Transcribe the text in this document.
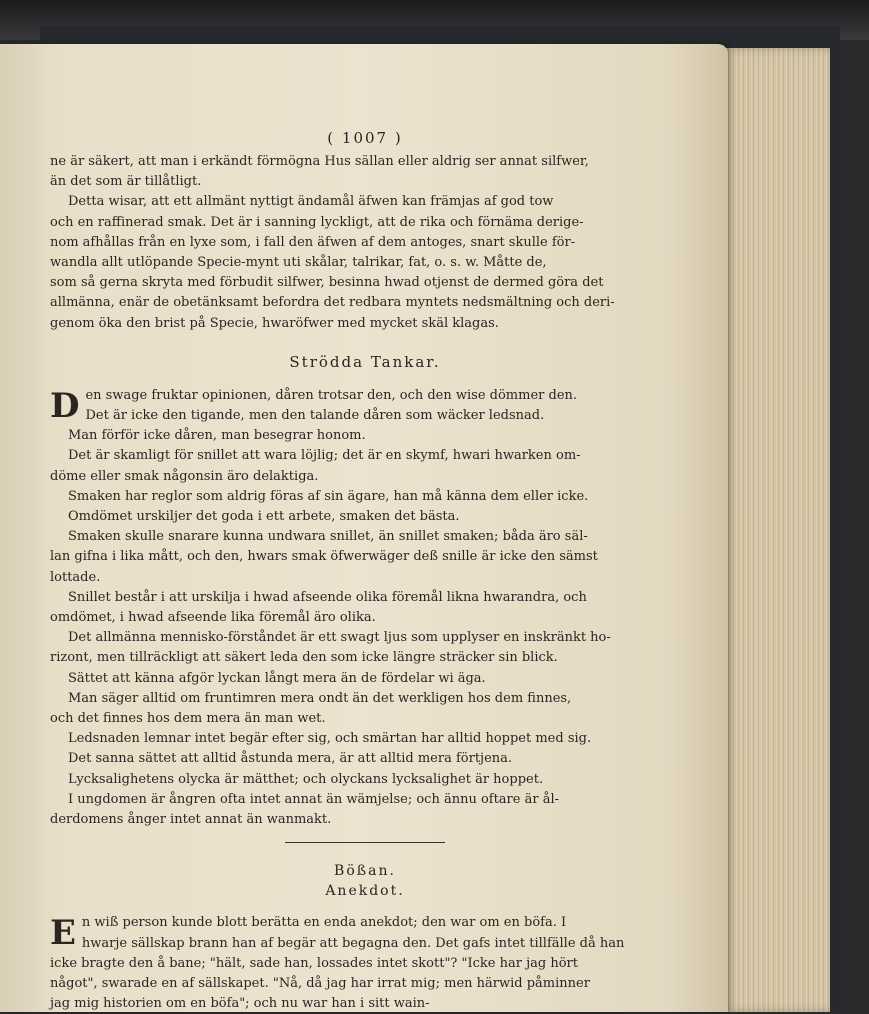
( 1007 )
ne är säkert, att man i erkändt förmögna Hus sällan eller aldrig ser annat silfwer,
än det som är tillåtligt.
Detta wisar, att ett allmänt nyttigt ändamål äfwen kan främjas af god tow
och en raffinerad smak. Det är i sanning lyckligt, att de rika och förnäma derige-
nom afhållas från en lyxe som, i fall den äfwen af dem antoges, snart skulle för-
wandla allt utlöpande Specie-mynt uti skålar, talrikar, fat, o. s. w. Måtte de,
som så gerna skryta med förbudit silfwer, besinna hwad otjenst de dermed göra det
allmänna, enär de obetänksamt befordra det redbara myntets nedsmältning och deri-
genom öka den brist på Specie, hwaröfwer med mycket skäl klagas.
Strödda Tankar.
Den swage fruktar opinionen, dåren trotsar den, och den wise dömmer den.
Det är icke den tigande, men den talande dåren som wäcker ledsnad.
Man förför icke dåren, man besegrar honom.
Det är skamligt för snillet att wara löjlig; det är en skymf, hwari hwarken om-
döme eller smak någonsin äro delaktiga.
Smaken har reglor som aldrig föras af sin ägare, han må känna dem eller icke.
Omdömet urskiljer det goda i ett arbete, smaken det bästa.
Smaken skulle snarare kunna undwara snillet, än snillet smaken; båda äro säl-
lan gifna i lika mått, och den, hwars smak öfwerwäger deß snille är icke den sämst
lottade.
Snillet består i att urskilja i hwad afseende olika föremål likna hwarandra, och
omdömet, i hwad afseende lika föremål äro olika.
Det allmänna mennisko-förståndet är ett swagt ljus som upplyser en inskränkt ho-
rizont, men tillräckligt att säkert leda den som icke längre sträcker sin blick.
Sättet att känna afgör lyckan långt mera än de fördelar wi äga.
Man säger alltid om fruntimren mera ondt än det werkligen hos dem finnes,
och det finnes hos dem mera än man wet.
Ledsnaden lemnar intet begär efter sig, och smärtan har alltid hoppet med sig.
Det sanna sättet att alltid åstunda mera, är att alltid mera förtjena.
Lycksalighetens olycka är mätthet; och olyckans lycksalighet är hoppet.
I ungdomen är ångren ofta intet annat än wämjelse; och ännu oftare är ål-
derdomens ånger intet annat än wanmakt.
Bößan.
Anekdot.
En wiß person kunde blott berätta en enda anekdot; den war om en böfa. I
hwarje sällskap brann han af begär att begagna den. Det gafs intet tillfälle då han
icke bragte den å bane; "hält, sade han, lossades intet skott"? "Icke har jag hört
något", swarade en af sällskapet. "Nå, då jag har irrat mig; men härwid påminner
jag mig historien om en böfa"; och nu war han i sitt wain-
